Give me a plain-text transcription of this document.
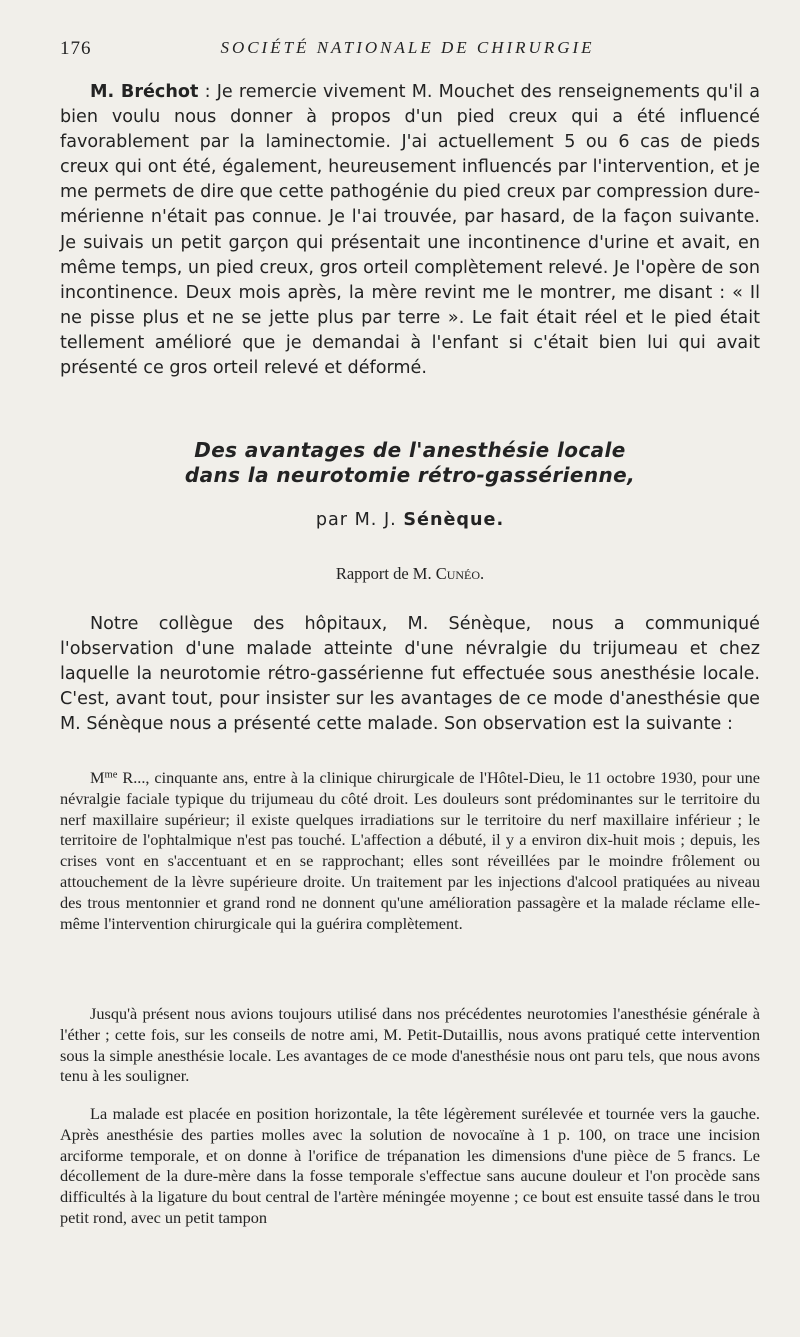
176	SOCIÉTÉ NATIONALE DE CHIRURGIE

M. Bréchot : Je remercie vivement M. Mouchet des renseignements qu'il a bien voulu nous donner à propos d'un pied creux qui a été influencé favorablement par la laminectomie. J'ai actuellement 5 ou 6 cas de pieds creux qui ont été, également, heureusement influencés par l'intervention, et je me permets de dire que cette pathogénie du pied creux par compression dure-mérienne n'était pas connue. Je l'ai trouvée, par hasard, de la façon suivante. Je suivais un petit garçon qui présentait une incontinence d'urine et avait, en même temps, un pied creux, gros orteil complètement relevé. Je l'opère de son incontinence. Deux mois après, la mère revint me le montrer, me disant : « Il ne pisse plus et ne se jette plus par terre ». Le fait était réel et le pied était tellement amélioré que je demandai à l'enfant si c'était bien lui qui avait présenté ce gros orteil relevé et déformé.

Des avantages de l'anesthésie locale
dans la neurotomie rétro-gassérienne,
par M. J. Sénèque.
Rapport de M. Cunéo.

Notre collègue des hôpitaux, M. Sénèque, nous a communiqué l'observation d'une malade atteinte d'une névralgie du trijumeau et chez laquelle la neurotomie rétro-gassérienne fut effectuée sous anesthésie locale. C'est, avant tout, pour insister sur les avantages de ce mode d'anesthésie que M. Sénèque nous a présenté cette malade. Son observation est la suivante :

$M^{me}$ R..., cinquante ans, entre à la clinique chirurgicale de l'Hôtel-Dieu, le 11 octobre 1930, pour une névralgie faciale typique du trijumeau du côté droit. Les douleurs sont prédominantes sur le territoire du nerf maxillaire supérieur; il existe quelques irradiations sur le territoire du nerf maxillaire inférieur ; le territoire de l'ophtalmique n'est pas touché. L'affection a débuté, il y a environ dix-huit mois ; depuis, les crises vont en s'accentuant et en se rapprochant; elles sont réveillées par le moindre frôlement ou attouchement de la lèvre supérieure droite. Un traitement par les injections d'alcool pratiquées au niveau des trous mentonnier et grand rond ne donnent qu'une amélioration passagère et la malade réclame elle-même l'intervention chirurgicale qui la guérira complètement.

Jusqu'à présent nous avions toujours utilisé dans nos précédentes neurotomies l'anesthésie générale à l'éther ; cette fois, sur les conseils de notre ami, M. Petit-Dutaillis, nous avons pratiqué cette intervention sous la simple anesthésie locale. Les avantages de ce mode d'anesthésie nous ont paru tels, que nous avons tenu à les souligner.

La malade est placée en position horizontale, la tête légèrement surélevée et tournée vers la gauche. Après anesthésie des parties molles avec la solution de novocaïne à 1 p. 100, on trace une incision arciforme temporale, et on donne à l'orifice de trépanation les dimensions d'une pièce de 5 francs. Le décollement de la dure-mère dans la fosse temporale s'effectue sans aucune douleur et l'on procède sans difficultés à la ligature du bout central de l'artère méningée moyenne ; ce bout est ensuite tassé dans le trou petit rond, avec un petit tampon
